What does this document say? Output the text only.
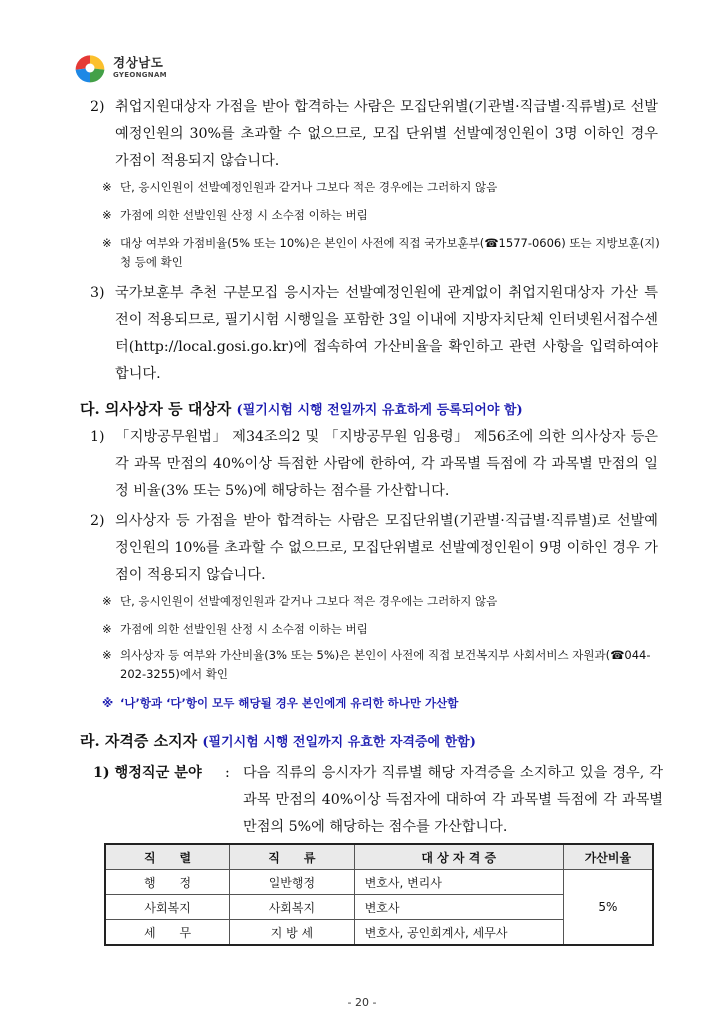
경상남도
GYEONGNAM
2) 취업지원대상자 가점을 받아 합격하는 사람은 모집단위별(기관별·직급별·직류별)로 선발예정인원의 30%를 초과할 수 없으므로, 모집 단위별 선발예정인원이 3명 이하인 경우 가점이 적용되지 않습니다.
※ 단, 응시인원이 선발예정인원과 같거나 그보다 적은 경우에는 그러하지 않음
※ 가점에 의한 선발인원 산정 시 소수점 이하는 버림
※ 대상 여부와 가점비율(5% 또는 10%)은 본인이 사전에 직접 국가보훈부(☎1577-0606) 또는 지방보훈(지)청 등에 확인
3) 국가보훈부 추천 구분모집 응시자는 선발예정인원에 관계없이 취업지원대상자 가산 특전이 적용되므로, 필기시험 시행일을 포함한 3일 이내에 지방자치단체 인터넷원서접수센터(http://local.gosi.go.kr)에 접속하여 가산비율을 확인하고 관련 사항을 입력하여야 합니다.
다. 의사상자 등 대상자 (필기시험 시행 전일까지 유효하게 등록되어야 함)
1) 「지방공무원법」 제34조의2 및 「지방공무원 임용령」 제56조에 의한 의사상자 등은 각 과목 만점의 40%이상 득점한 사람에 한하여, 각 과목별 득점에 각 과목별 만점의 일정 비율(3% 또는 5%)에 해당하는 점수를 가산합니다.
2) 의사상자 등 가점을 받아 합격하는 사람은 모집단위별(기관별·직급별·직류별)로 선발예정인원의 10%를 초과할 수 없으므로, 모집단위별로 선발예정인원이 9명 이하인 경우 가점이 적용되지 않습니다.
※ 단, 응시인원이 선발예정인원과 같거나 그보다 적은 경우에는 그러하지 않음
※ 가점에 의한 선발인원 산정 시 소수점 이하는 버림
※ 의사상자 등 여부와 가산비율(3% 또는 5%)은 본인이 사전에 직접 보건복지부 사회서비스 자원과(☎044-202-3255)에서 확인
※ ‘나’항과 ‘다’항이 모두 해당될 경우 본인에게 유리한 하나만 가산함
라. 자격증 소지자 (필기시험 시행 전일까지 유효한 자격증에 한함)
1) 행정직군 분야 : 다음 직류의 응시자가 직류별 해당 자격증을 소지하고 있을 경우, 각 과목 만점의 40%이상 득점자에 대하여 각 과목별 득점에 각 과목별 만점의 5%에 해당하는 점수를 가산합니다.
직　　렬	직　　류	대 상 자 격 증	가산비율
행　　정	일반행정	변호사, 변리사	5%
사회복지	사회복지	변호사	
세　　무	지 방 세	변호사, 공인회계사, 세무사	
- 20 -
